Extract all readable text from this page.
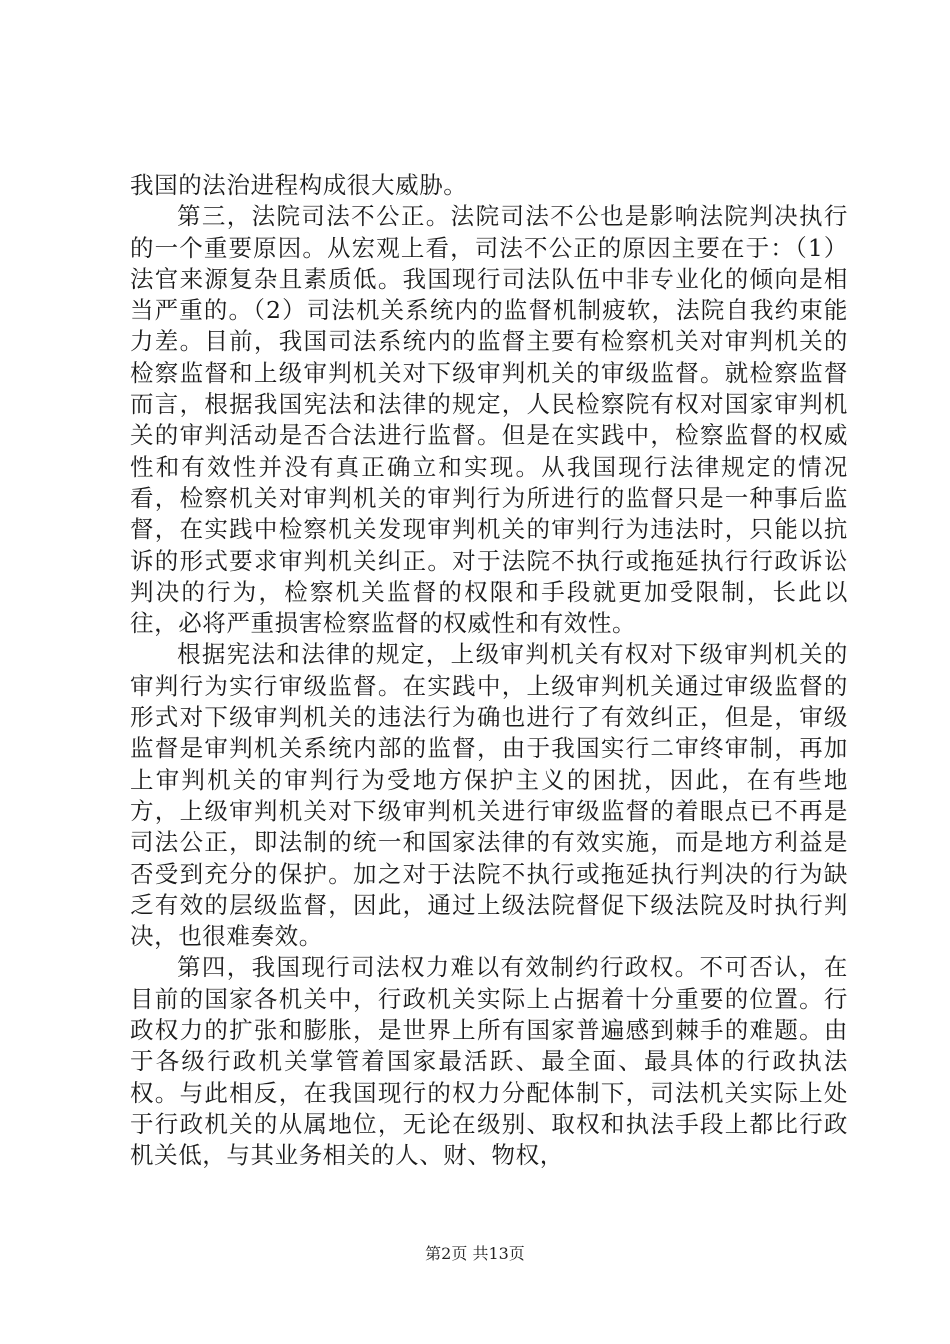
我国的法治进程构成很大威胁。

第三，法院司法不公正。法院司法不公也是影响法院判决执行的一个重要原因。从宏观上看，司法不公正的原因主要在于：（1）法官来源复杂且素质低。我国现行司法队伍中非专业化的倾向是相当严重的。（2）司法机关系统内的监督机制疲软，法院自我约束能力差。目前，我国司法系统内的监督主要有检察机关对审判机关的检察监督和上级审判机关对下级审判机关的审级监督。就检察监督而言，根据我国宪法和法律的规定，人民检察院有权对国家审判机关的审判活动是否合法进行监督。但是在实践中，检察监督的权威性和有效性并没有真正确立和实现。从我国现行法律规定的情况看，检察机关对审判机关的审判行为所进行的监督只是一种事后监督，在实践中检察机关发现审判机关的审判行为违法时，只能以抗诉的形式要求审判机关纠正。对于法院不执行或拖延执行行政诉讼判决的行为，检察机关监督的权限和手段就更加受限制，长此以往，必将严重损害检察监督的权威性和有效性。

根据宪法和法律的规定，上级审判机关有权对下级审判机关的审判行为实行审级监督。在实践中，上级审判机关通过审级监督的形式对下级审判机关的违法行为确也进行了有效纠正，但是，审级监督是审判机关系统内部的监督，由于我国实行二审终审制，再加上审判机关的审判行为受地方保护主义的困扰，因此，在有些地方，上级审判机关对下级审判机关进行审级监督的着眼点已不再是司法公正，即法制的统一和国家法律的有效实施，而是地方利益是否受到充分的保护。加之对于法院不执行或拖延执行判决的行为缺乏有效的层级监督，因此，通过上级法院督促下级法院及时执行判决，也很难奏效。

第四，我国现行司法权力难以有效制约行政权。不可否认，在目前的国家各机关中，行政机关实际上占据着十分重要的位置。行政权力的扩张和膨胀，是世界上所有国家普遍感到棘手的难题。由于各级行政机关掌管着国家最活跃、最全面、最具体的行政执法权。与此相反，在我国现行的权力分配体制下，司法机关实际上处于行政机关的从属地位，无论在级别、取权和执法手段上都比行政机关低，与其业务相关的人、财、物权，

第2页 共13页
